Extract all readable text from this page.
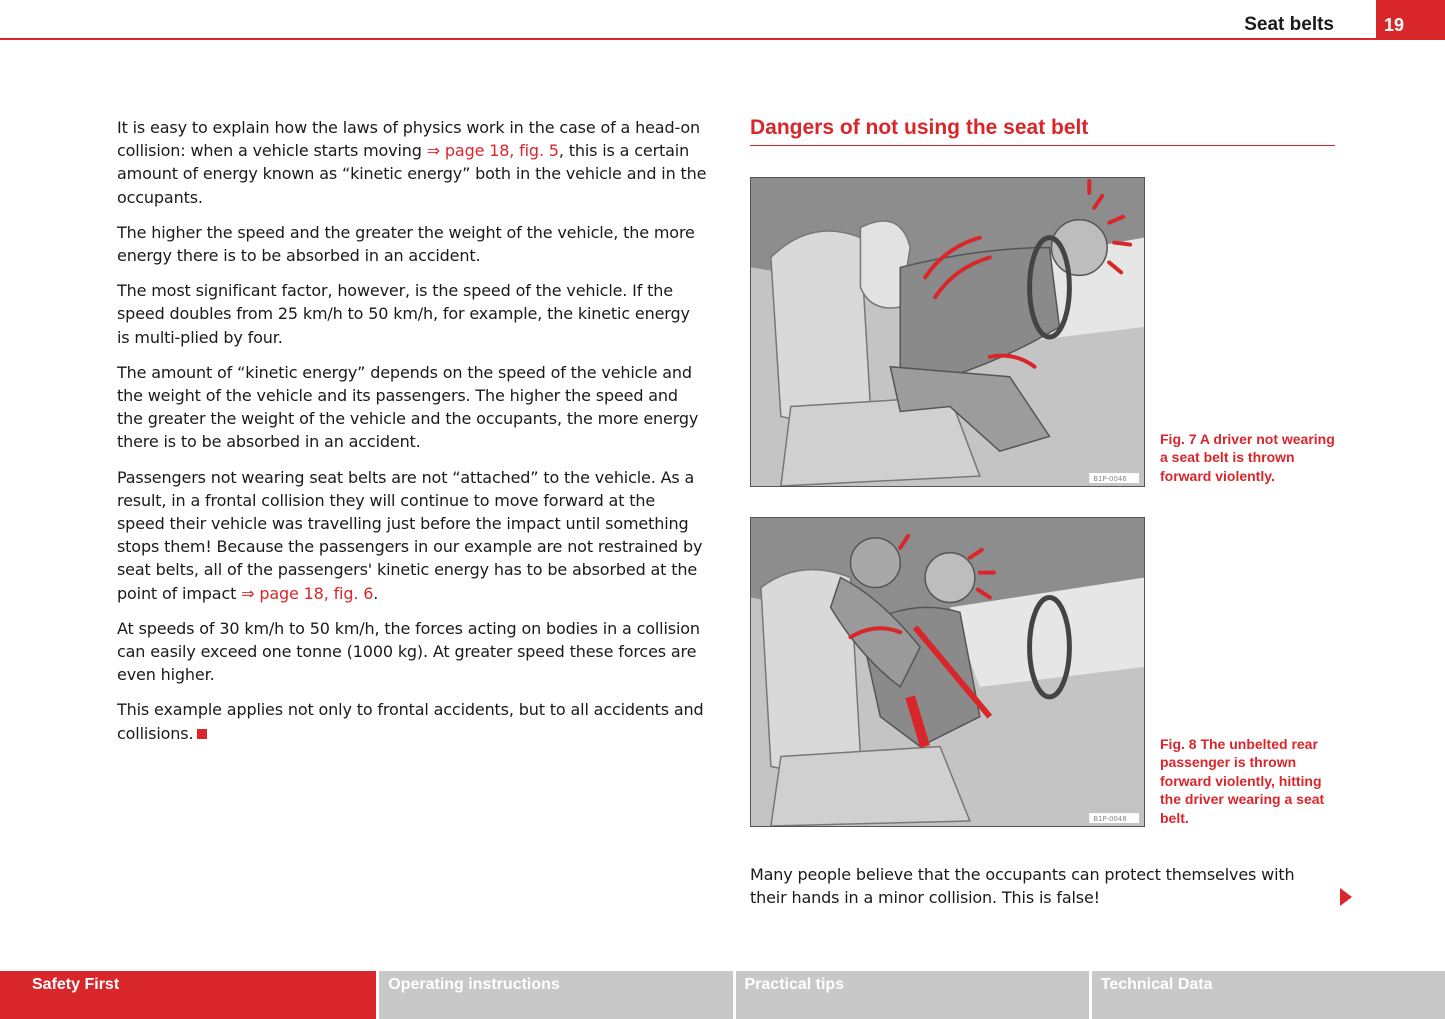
Seat belts	19

It is easy to explain how the laws of physics work in the case of a head-on collision: when a vehicle starts moving ⇒ page 18, fig. 5, this is a certain amount of energy known as “kinetic energy” both in the vehicle and in the occupants.

The higher the speed and the greater the weight of the vehicle, the more energy there is to be absorbed in an accident.

The most significant factor, however, is the speed of the vehicle. If the speed doubles from 25 km/h to 50 km/h, for example, the kinetic energy is multi-plied by four.

The amount of “kinetic energy” depends on the speed of the vehicle and the weight of the vehicle and its passengers. The higher the speed and the greater the weight of the vehicle and the occupants, the more energy there is to be absorbed in an accident.

Passengers not wearing seat belts are not “attached” to the vehicle. As a result, in a frontal collision they will continue to move forward at the speed their vehicle was travelling just before the impact until something stops them! Because the passengers in our example are not restrained by seat belts, all of the passengers' kinetic energy has to be absorbed at the point of impact ⇒ page 18, fig. 6.

At speeds of 30 km/h to 50 km/h, the forces acting on bodies in a collision can easily exceed one tonne (1000 kg). At greater speed these forces are even higher.

This example applies not only to frontal accidents, but to all accidents and collisions.

Dangers of not using the seat belt
B1P-0046
Fig. 7 A driver not wearing a seat belt is thrown forward violently.
B1P-0048
Fig. 8 The unbelted rear passenger is thrown forward violently, hitting the driver wearing a seat belt.
Many people believe that the occupants can protect themselves with their hands in a minor collision. This is false!
Safety First	Operating instructions	Practical tips	Technical Data
